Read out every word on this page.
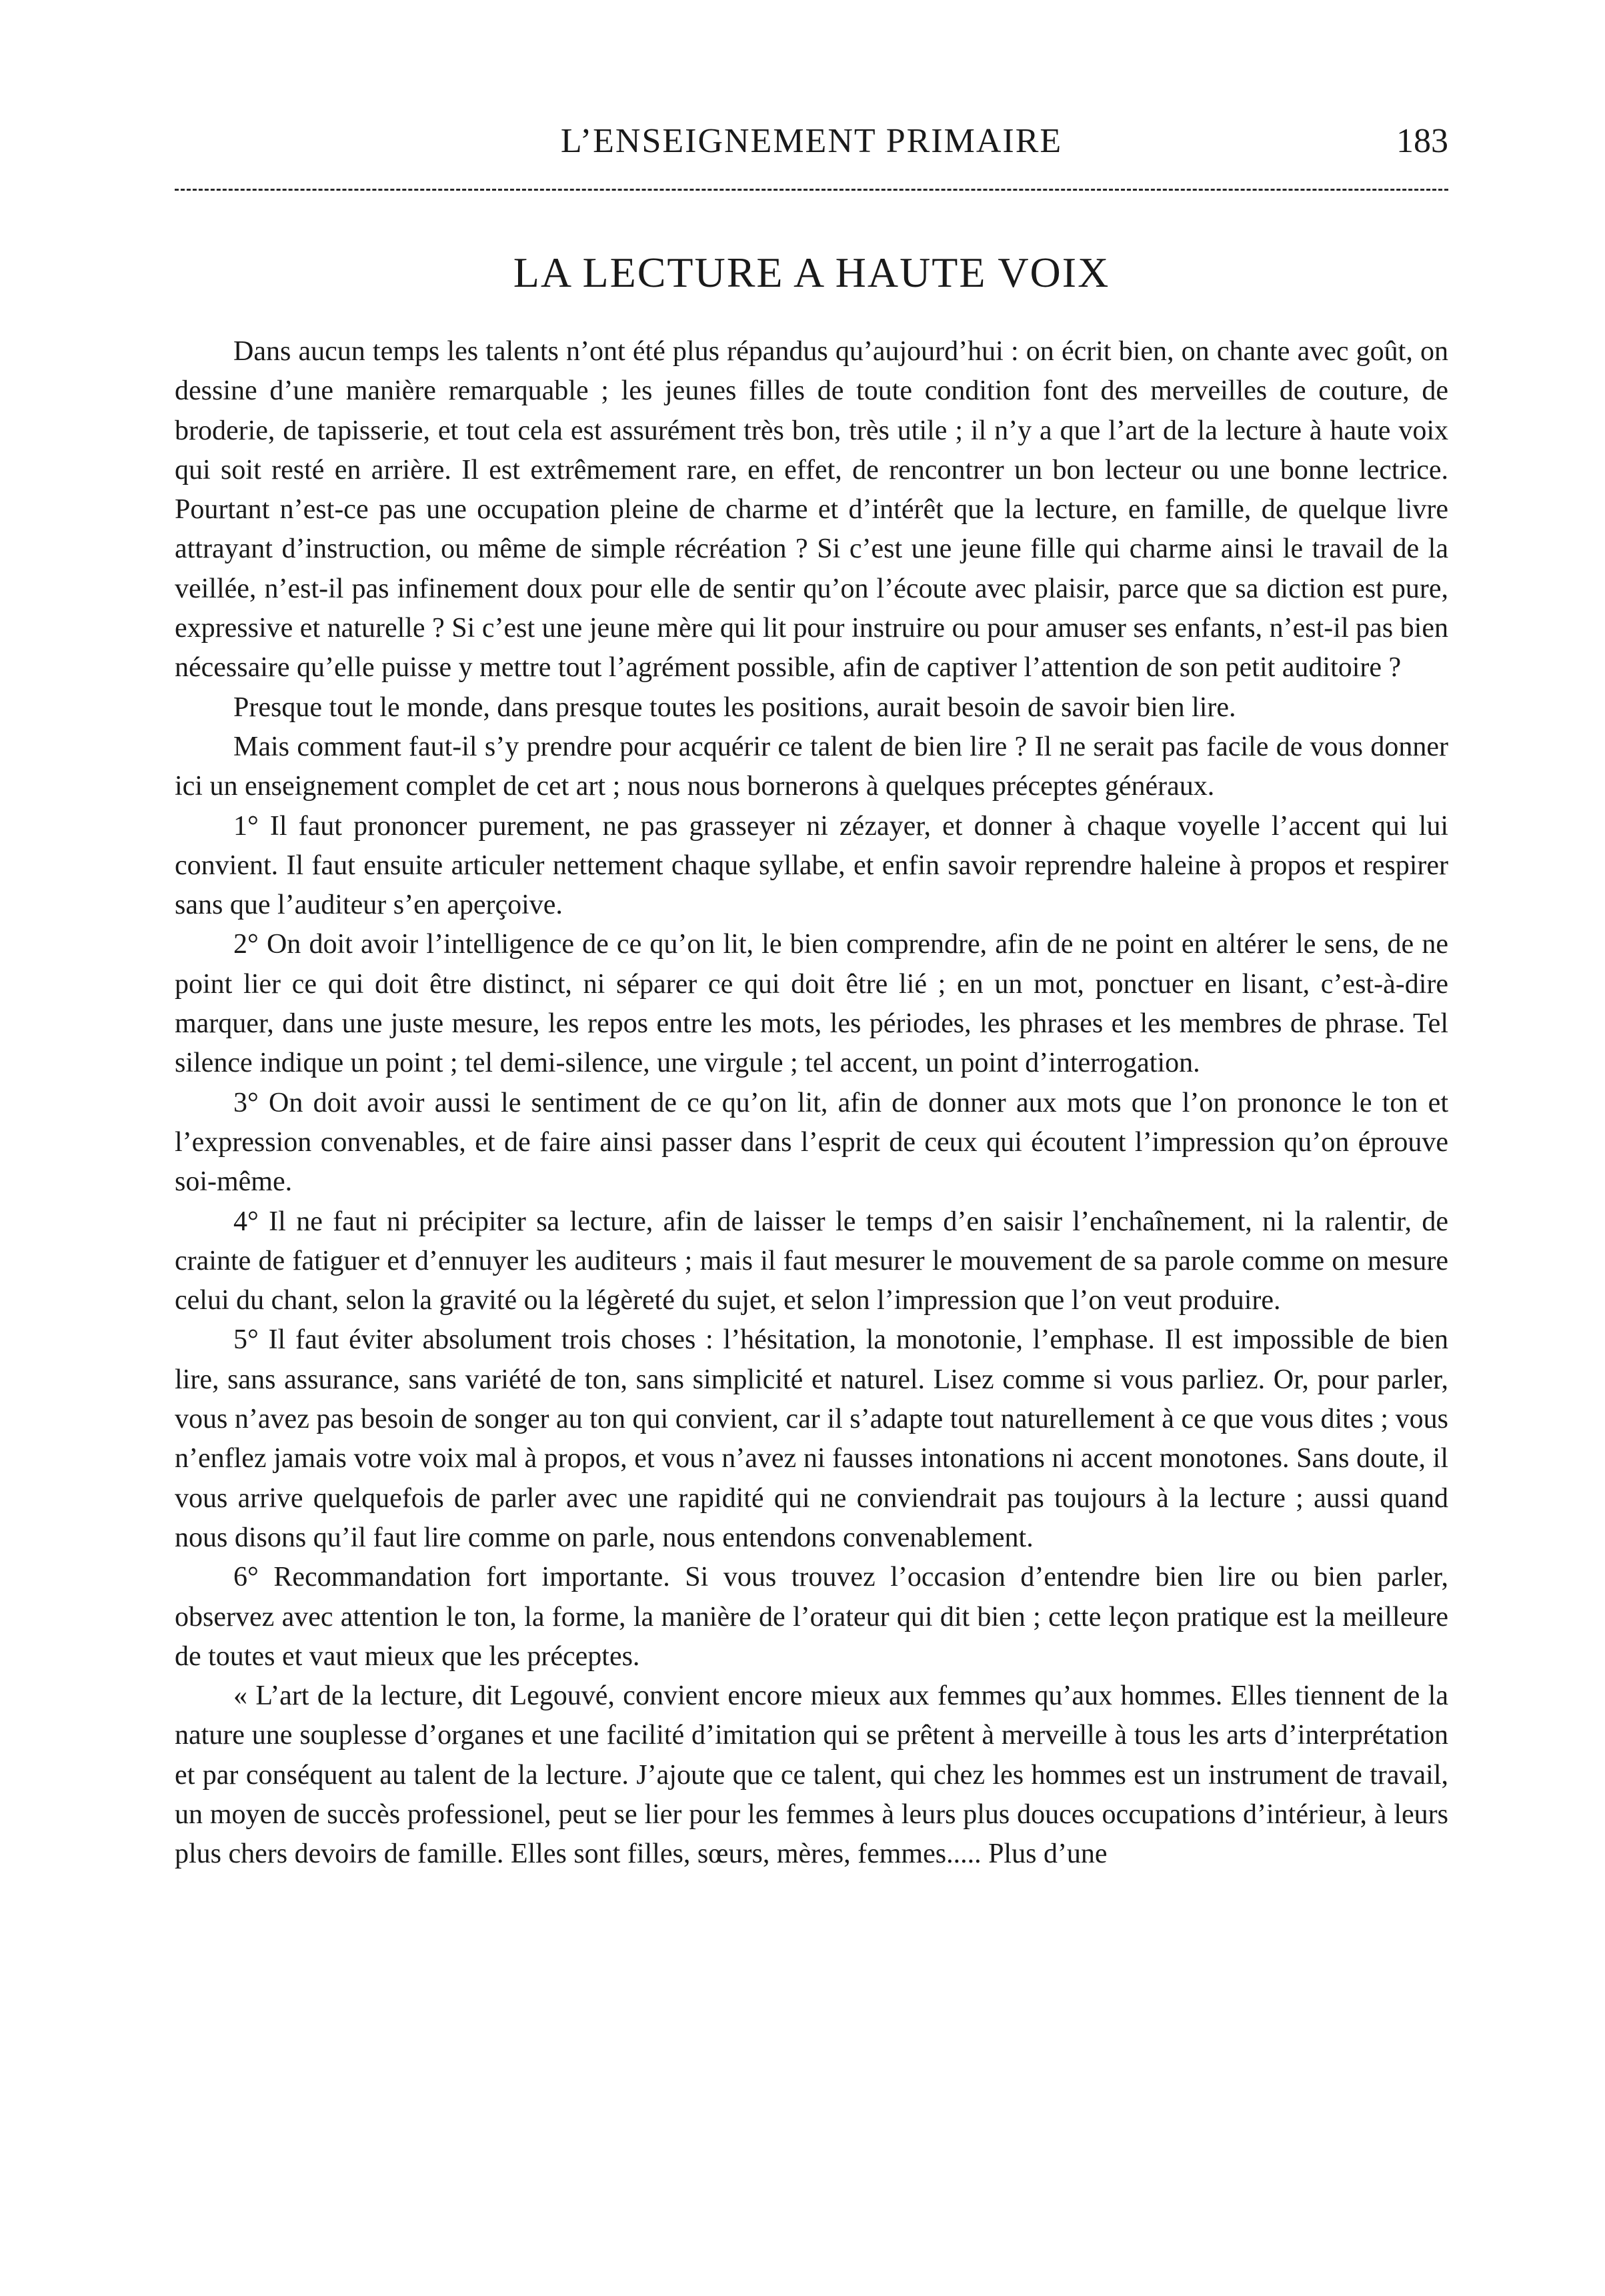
L’ENSEIGNEMENT PRIMAIRE	183
LA LECTURE A HAUTE VOIX

Dans aucun temps les talents n’ont été plus répandus qu’aujourd’hui : on écrit bien, on chante avec goût, on dessine d’une manière remarquable ; les jeunes filles de toute condition font des merveilles de couture, de broderie, de tapisserie, et tout cela est assurément très bon, très utile ; il n’y a que l’art de la lecture à haute voix qui soit resté en arrière. Il est extrêmement rare, en effet, de rencontrer un bon lecteur ou une bonne lectrice. Pourtant n’est-ce pas une occupation pleine de charme et d’intérêt que la lecture, en famille, de quelque livre attrayant d’instruction, ou même de simple récréation ? Si c’est une jeune fille qui charme ainsi le travail de la veillée, n’est-il pas infinement doux pour elle de sentir qu’on l’écoute avec plaisir, parce que sa diction est pure, expressive et naturelle ? Si c’est une jeune mère qui lit pour instruire ou pour amuser ses enfants, n’est-il pas bien nécessaire qu’elle puisse y mettre tout l’agrément possible, afin de captiver l’attention de son petit auditoire ?

Presque tout le monde, dans presque toutes les positions, aurait besoin de savoir bien lire.

Mais comment faut-il s’y prendre pour acquérir ce talent de bien lire ? Il ne serait pas facile de vous donner ici un enseignement complet de cet art ; nous nous bornerons à quelques préceptes généraux.

1° Il faut prononcer purement, ne pas grasseyer ni zézayer, et donner à chaque voyelle l’accent qui lui convient. Il faut ensuite articuler nettement chaque syllabe, et enfin savoir reprendre haleine à propos et respirer sans que l’auditeur s’en aperçoive.

2° On doit avoir l’intelligence de ce qu’on lit, le bien comprendre, afin de ne point en altérer le sens, de ne point lier ce qui doit être distinct, ni séparer ce qui doit être lié ; en un mot, ponctuer en lisant, c’est-à-dire marquer, dans une juste mesure, les repos entre les mots, les périodes, les phrases et les membres de phrase. Tel silence indique un point ; tel demi-silence, une virgule ; tel accent, un point d’interrogation.

3° On doit avoir aussi le sentiment de ce qu’on lit, afin de donner aux mots que l’on prononce le ton et l’expression convenables, et de faire ainsi passer dans l’esprit de ceux qui écoutent l’impression qu’on éprouve soi-même.

4° Il ne faut ni précipiter sa lecture, afin de laisser le temps d’en saisir l’enchaînement, ni la ralentir, de crainte de fatiguer et d’ennuyer les auditeurs ; mais il faut mesurer le mouvement de sa parole comme on mesure celui du chant, selon la gravité ou la légèreté du sujet, et selon l’impression que l’on veut produire.

5° Il faut éviter absolument trois choses : l’hésitation, la monotonie, l’emphase. Il est impossible de bien lire, sans assurance, sans variété de ton, sans simplicité et naturel. Lisez comme si vous parliez. Or, pour parler, vous n’avez pas besoin de songer au ton qui convient, car il s’adapte tout naturellement à ce que vous dites ; vous n’enflez jamais votre voix mal à propos, et vous n’avez ni fausses intonations ni accent monotones. Sans doute, il vous arrive quelquefois de parler avec une rapidité qui ne conviendrait pas toujours à la lecture ; aussi quand nous disons qu’il faut lire comme on parle, nous entendons convenablement.

6° Recommandation fort importante. Si vous trouvez l’occasion d’entendre bien lire ou bien parler, observez avec attention le ton, la forme, la manière de l’orateur qui dit bien ; cette leçon pratique est la meilleure de toutes et vaut mieux que les préceptes.

« L’art de la lecture, dit Legouvé, convient encore mieux aux femmes qu’aux hommes. Elles tiennent de la nature une souplesse d’organes et une facilité d’imitation qui se prêtent à merveille à tous les arts d’interprétation et par conséquent au talent de la lecture. J’ajoute que ce talent, qui chez les hommes est un instrument de travail, un moyen de succès professionel, peut se lier pour les femmes à leurs plus douces occupations d’intérieur, à leurs plus chers devoirs de famille. Elles sont filles, sœurs, mères, femmes..... Plus d’une
